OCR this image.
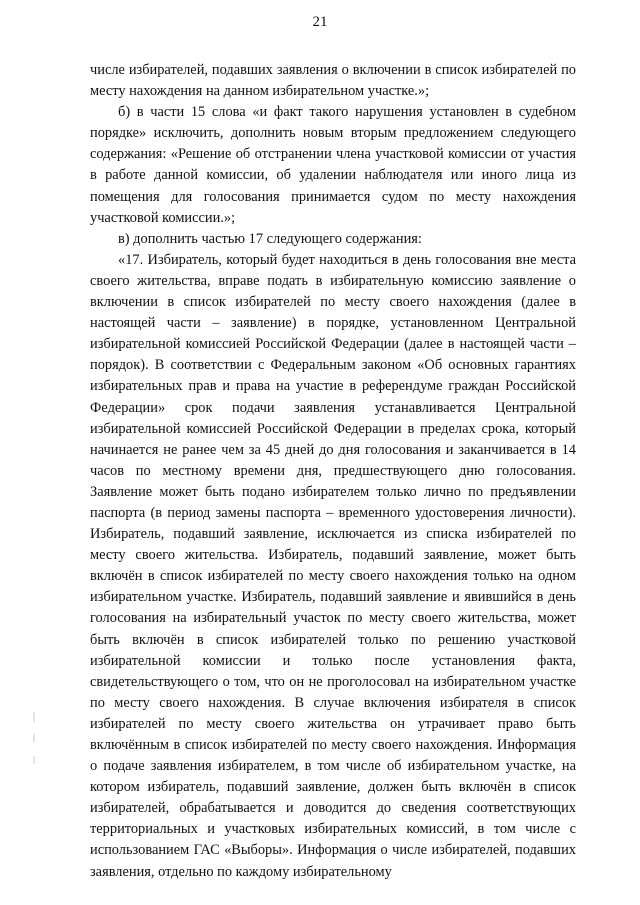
21

числе избирателей, подавших заявления о включении в список избирателей по месту нахождения на данном избирательном участке.»;

б) в части 15 слова «и факт такого нарушения установлен в судебном порядке» исключить, дополнить новым вторым предложением следующего содержания: «Решение об отстранении члена участковой комиссии от участия в работе данной комиссии, об удалении наблюдателя или иного лица из помещения для голосования принимается судом по месту нахождения участковой комиссии.»;

в) дополнить частью 17 следующего содержания:

«17. Избиратель, который будет находиться в день голосования вне места своего жительства, вправе подать в избирательную комиссию заявление о включении в список избирателей по месту своего нахождения (далее в настоящей части – заявление) в порядке, установленном Центральной избирательной комиссией Российской Федерации (далее в настоящей части – порядок). В соответствии с Федеральным законом «Об основных гарантиях избирательных прав и права на участие в референдуме граждан Российской Федерации» срок подачи заявления устанавливается Центральной избирательной комиссией Российской Федерации в пределах срока, который начинается не ранее чем за 45 дней до дня голосования и заканчивается в 14 часов по местному времени дня, предшествующего дню голосования. Заявление может быть подано избирателем только лично по предъявлении паспорта (в период замены паспорта – временного удостоверения личности). Избиратель, подавший заявление, исключается из списка избирателей по месту своего жительства. Избиратель, подавший заявление, может быть включён в список избирателей по месту своего нахождения только на одном избирательном участке. Избиратель, подавший заявление и явившийся в день голосования на избирательный участок по месту своего жительства, может быть включён в список избирателей только по решению участковой избирательной комиссии и только после установления факта, свидетельствующего о том, что он не проголосовал на избирательном участке по месту своего нахождения. В случае включения избирателя в список избирателей по месту своего жительства он утрачивает право быть включённым в список избирателей по месту своего нахождения. Информация о подаче заявления избирателем, в том числе об избирательном участке, на котором избиратель, подавший заявление, должен быть включён в список избирателей, обрабатывается и доводится до сведения соответствующих территориальных и участковых избирательных комиссий, в том числе с использованием ГАС «Выборы». Информация о числе избирателей, подавших заявления, отдельно по каждому избирательному
